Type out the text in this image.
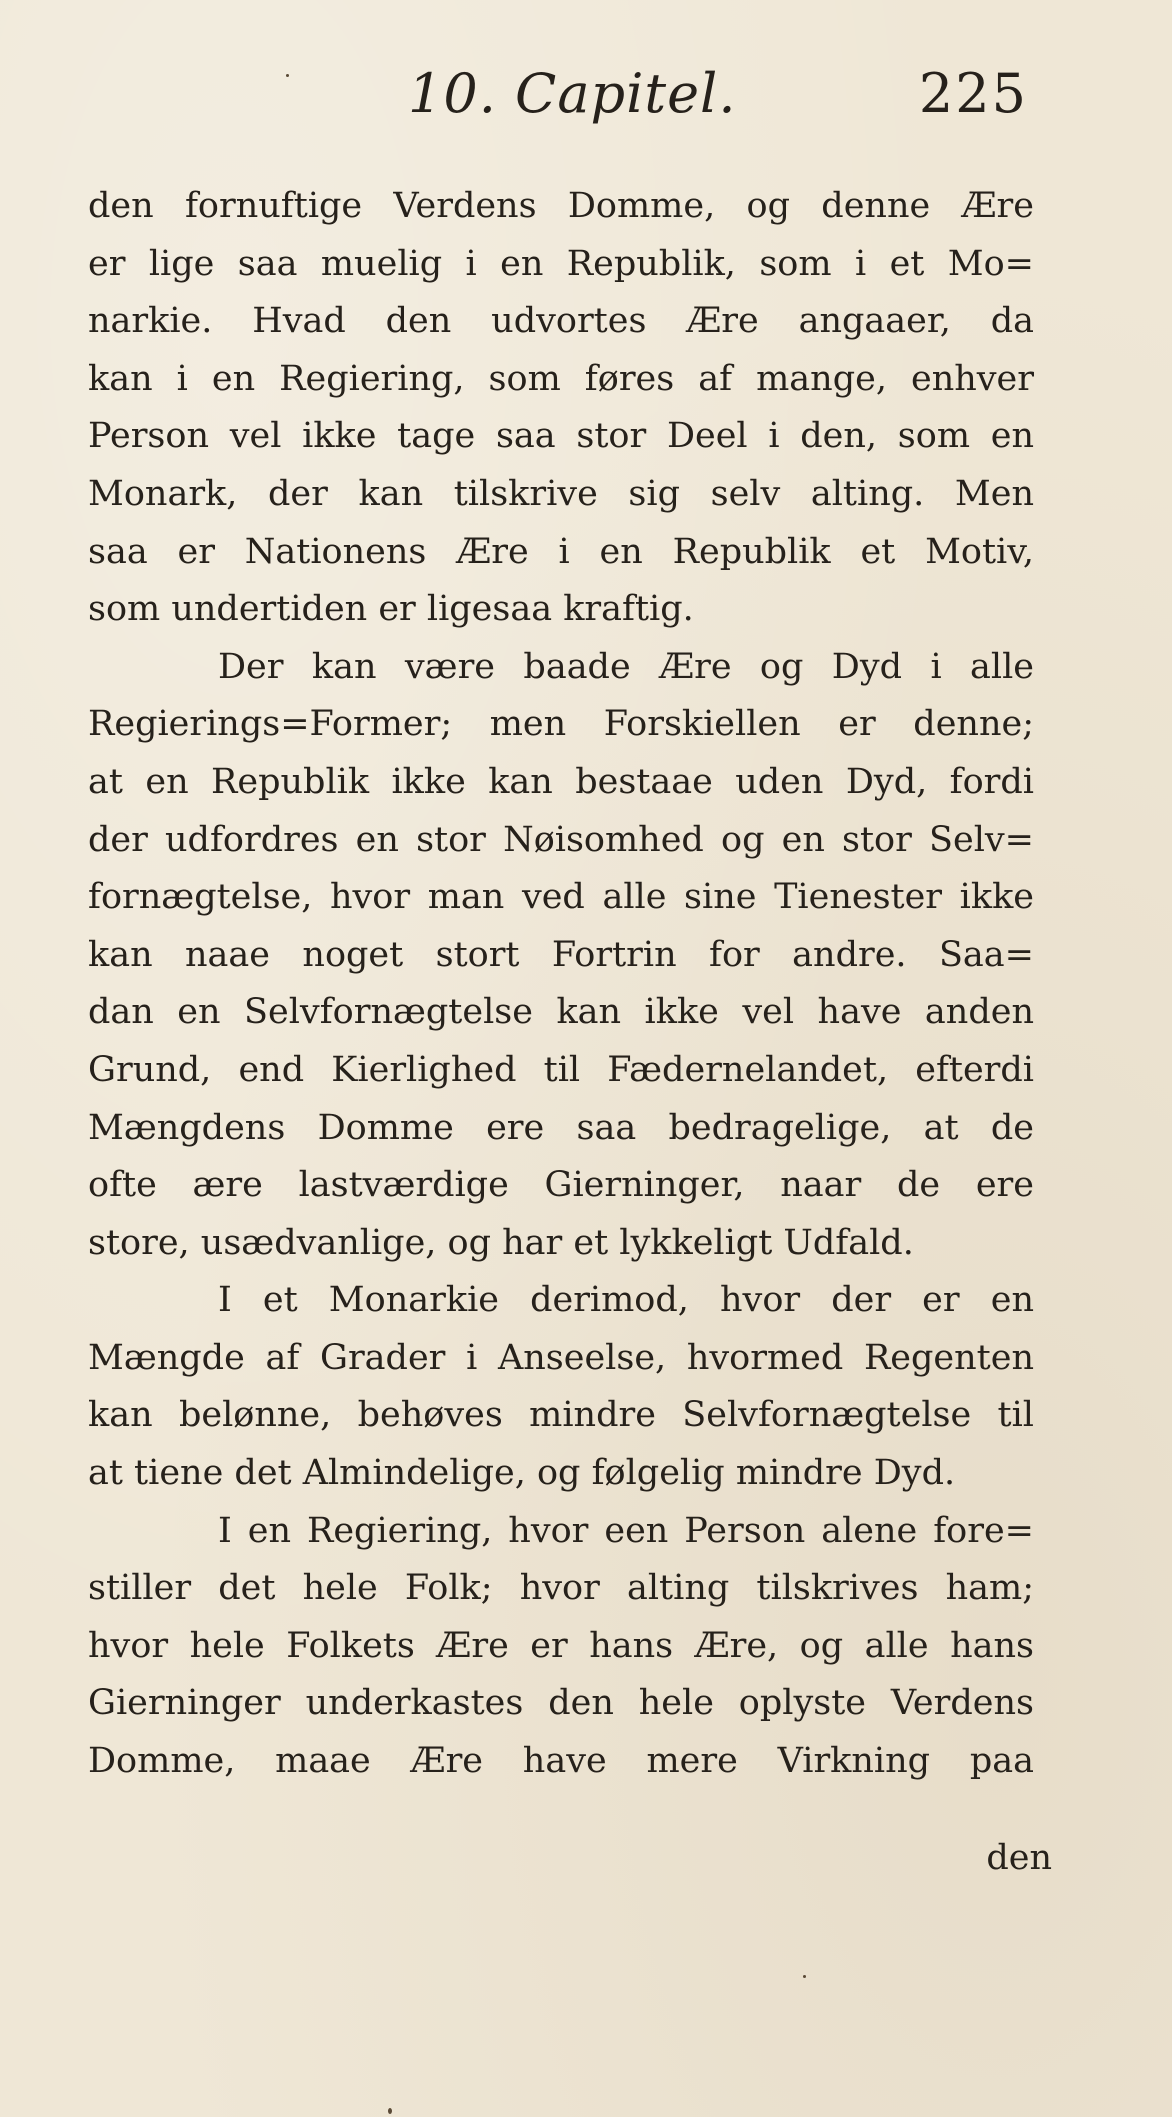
10. Capitel.	225
den fornuftige Verdens Domme, og denne Ære
er lige saa muelig i en Republik, som i et Mo=
narkie. Hvad den udvortes Ære angaaer, da
kan i en Regiering, som føres af mange, enhver
Person vel ikke tage saa stor Deel i den, som en
Monark, der kan tilskrive sig selv alting. Men
saa er Nationens Ære i en Republik et Motiv,
som undertiden er ligesaa kraftig.
Der kan være baade Ære og Dyd i alle
Regierings=Former; men Forskiellen er denne;
at en Republik ikke kan bestaae uden Dyd, fordi
der udfordres en stor Nøisomhed og en stor Selv=
fornægtelse, hvor man ved alle sine Tienester ikke
kan naae noget stort Fortrin for andre. Saa=
dan en Selvfornægtelse kan ikke vel have anden
Grund, end Kierlighed til Fædernelandet, efterdi
Mængdens Domme ere saa bedragelige, at de
ofte ære lastværdige Gierninger, naar de ere
store, usædvanlige, og har et lykkeligt Udfald.
I et Monarkie derimod, hvor der er en
Mængde af Grader i Anseelse, hvormed Regenten
kan belønne, behøves mindre Selvfornægtelse til
at tiene det Almindelige, og følgelig mindre Dyd.
I en Regiering, hvor een Person alene fore=
stiller det hele Folk; hvor alting tilskrives ham;
hvor hele Folkets Ære er hans Ære, og alle hans
Gierninger underkastes den hele oplyste Verdens
Domme, maae Ære have mere Virkning paa
den
